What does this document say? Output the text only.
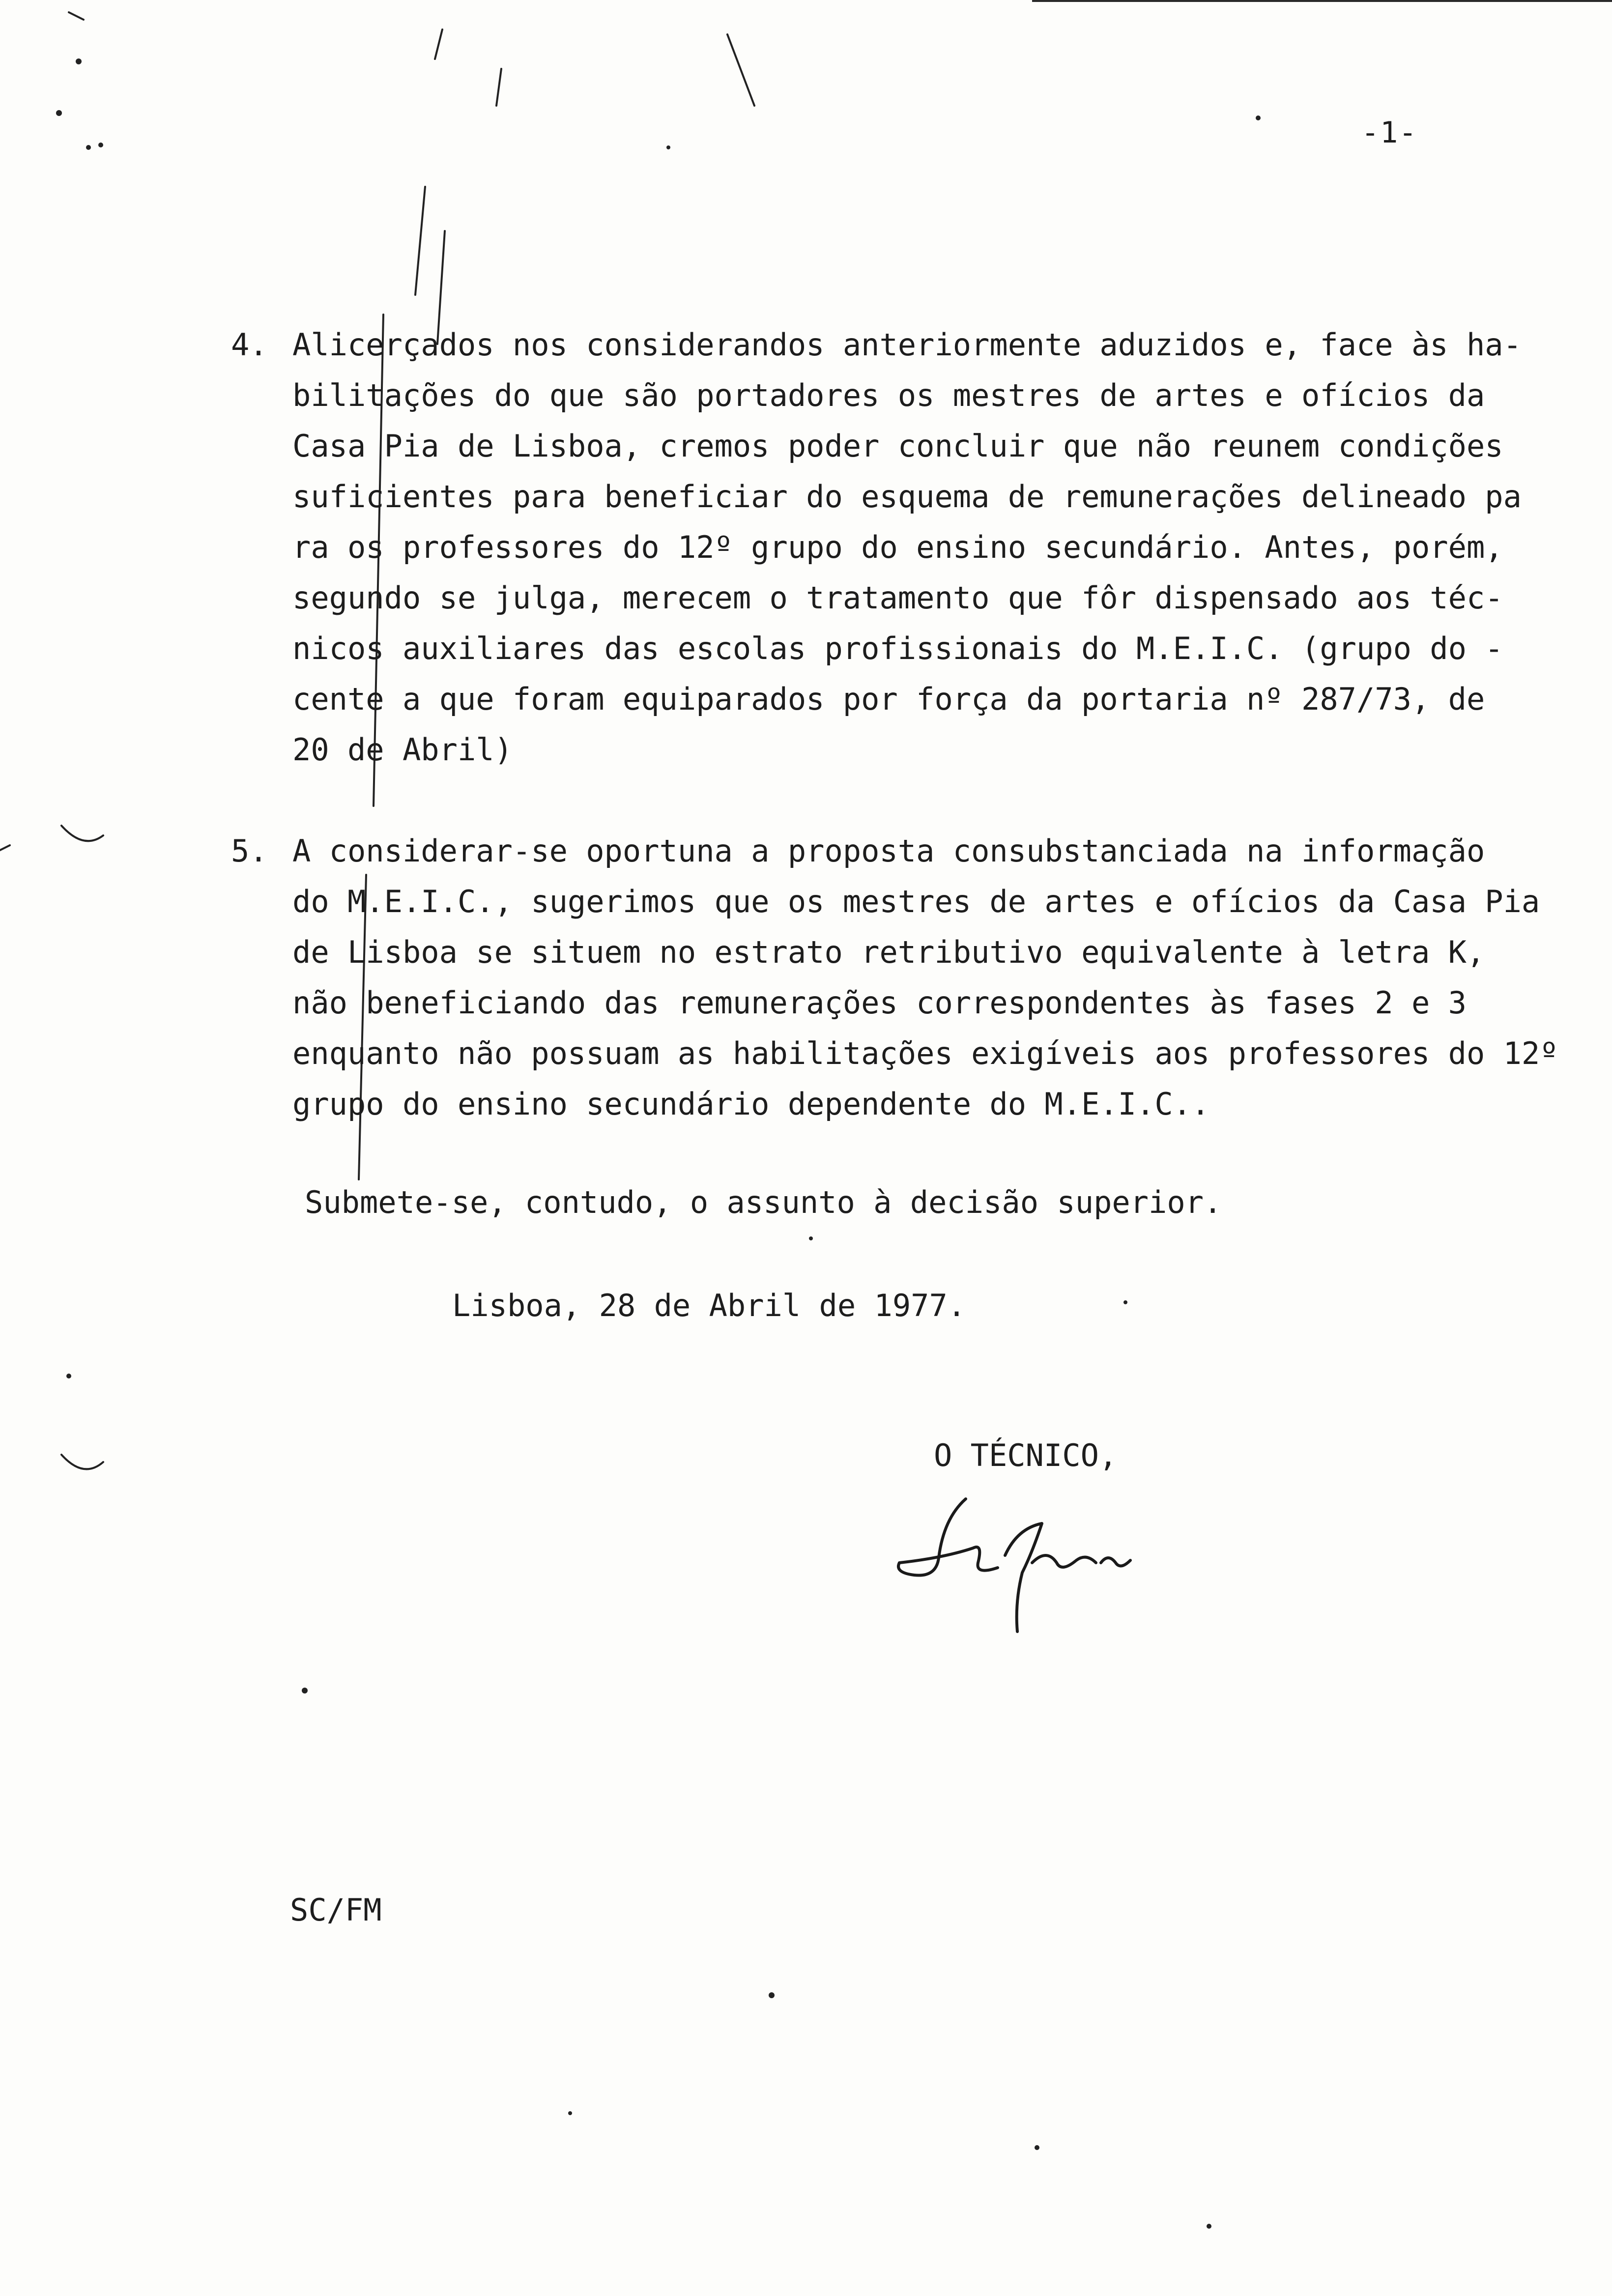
-1-
4. Alicerçados nos considerandos anteriormente aduzidos e, face às ha-
bilitações do que são portadores os mestres de artes e ofícios da
Casa Pia de Lisboa, cremos poder concluir que não reunem condições
suficientes para beneficiar do esquema de remunerações delineado pa
ra os professores do 12º grupo do ensino secundário. Antes, porém,
segundo se julga, merecem o tratamento que fôr dispensado aos téc-
nicos auxiliares das escolas profissionais do M.E.I.C. (grupo do -
cente a que foram equiparados por força da portaria nº 287/73, de
20 de Abril)
5. A considerar-se oportuna a proposta consubstanciada na informação
do M.E.I.C., sugerimos que os mestres de artes e ofícios da Casa Pia
de Lisboa se situem no estrato retributivo equivalente à letra K,
não beneficiando das remunerações correspondentes às fases 2 e 3
enquanto não possuam as habilitações exigíveis aos professores do 12º
grupo do ensino secundário dependente do M.E.I.C..
Submete-se, contudo, o assunto à decisão superior.
Lisboa, 28 de Abril de 1977.
O TÉCNICO,
SC/FM
